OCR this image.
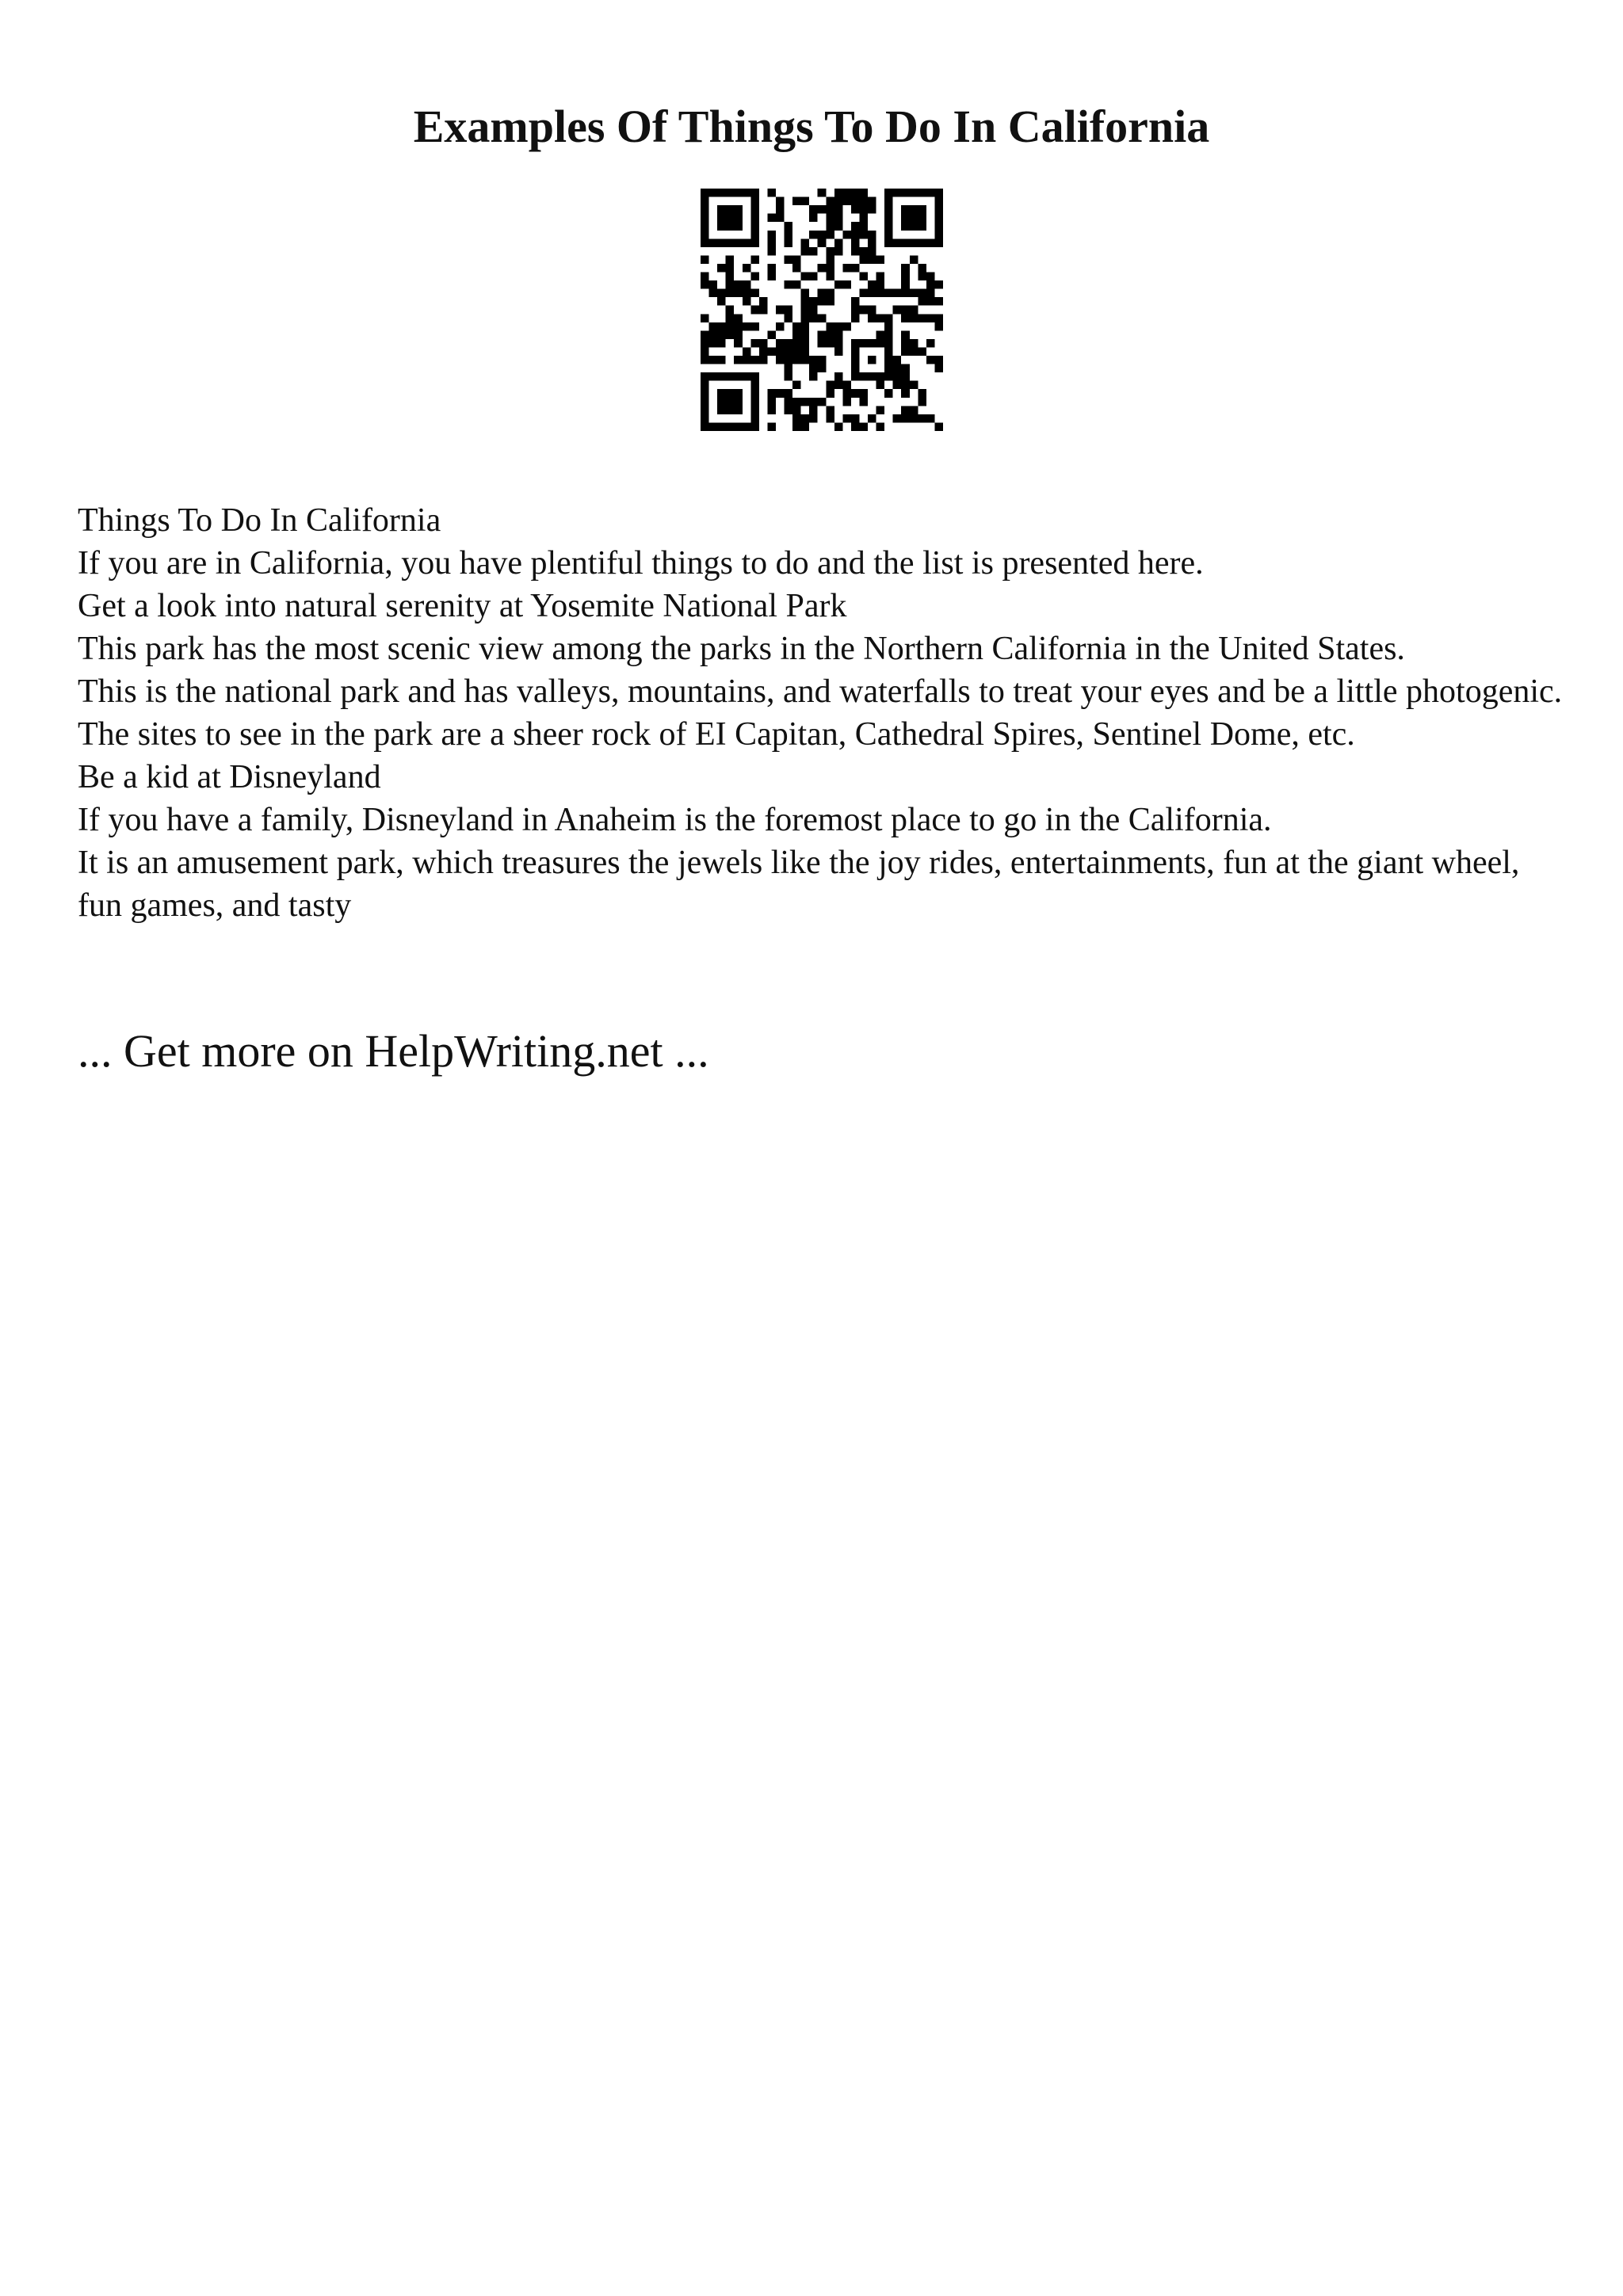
Examples Of Things To Do In California

Things To Do In California

If you are in California, you have plentiful things to do and the list is presented here.

Get a look into natural serenity at Yosemite National Park

This park has the most scenic view among the parks in the Northern California in the United States.

This is the national park and has valleys, mountains, and waterfalls to treat your eyes and be a little photogenic.

The sites to see in the park are a sheer rock of EI Capitan, Cathedral Spires, Sentinel Dome, etc.

Be a kid at Disneyland

If you have a family, Disneyland in Anaheim is the foremost place to go in the California.

It is an amusement park, which treasures the jewels like the joy rides, entertainments, fun at the giant wheel, fun games, and tasty

... Get more on HelpWriting.net ...
